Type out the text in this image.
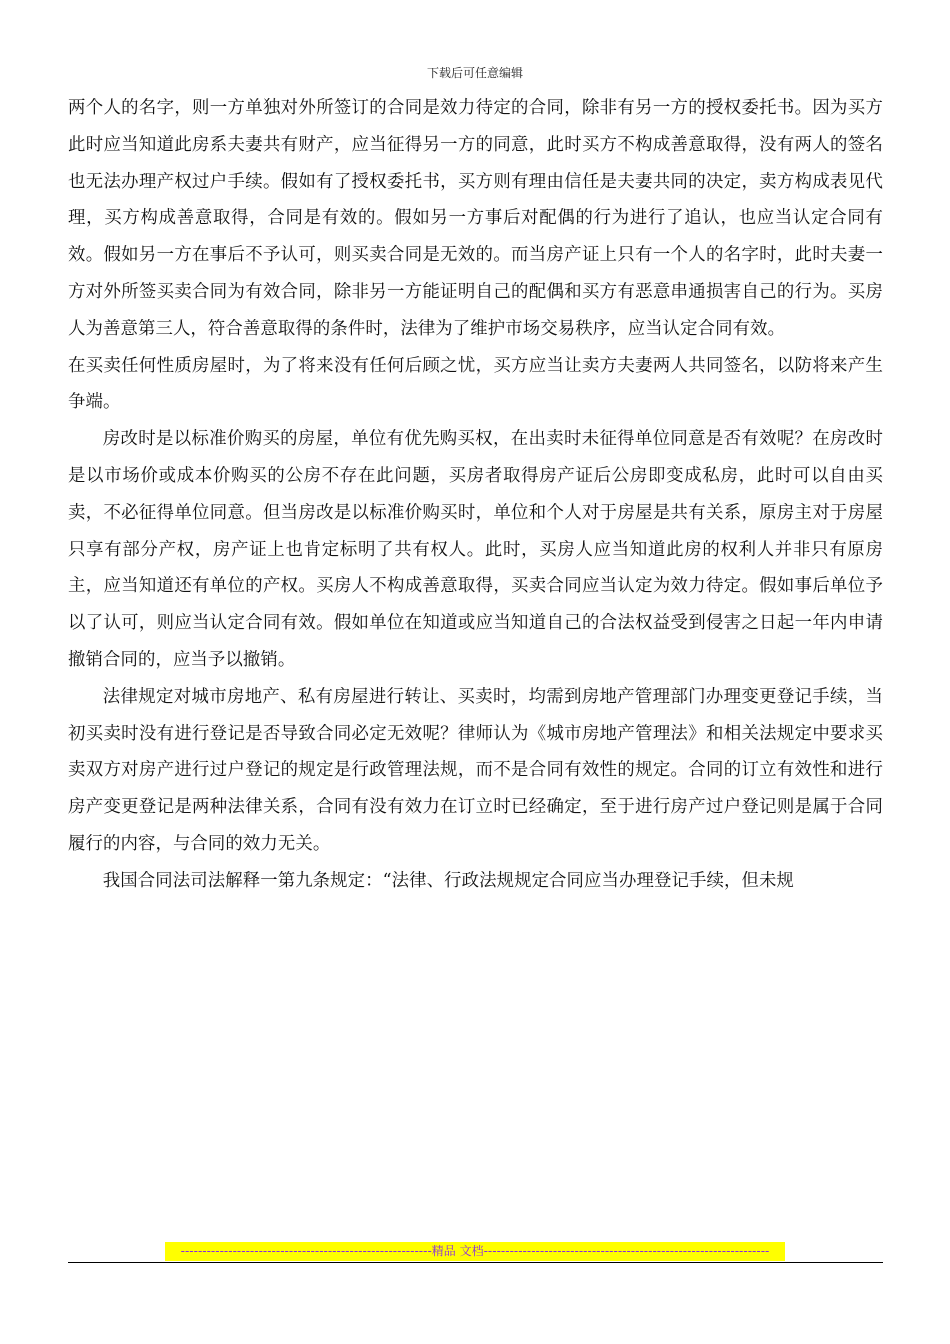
下载后可任意编辑

两个人的名字，则一方单独对外所签订的合同是效力待定的合同，除非有另一方的授权委托书。因为买方此时应当知道此房系夫妻共有财产，应当征得另一方的同意，此时买方不构成善意取得，没有两人的签名也无法办理产权过户手续。假如有了授权委托书，买方则有理由信任是夫妻共同的决定，卖方构成表见代理，买方构成善意取得，合同是有效的。假如另一方事后对配偶的行为进行了追认，也应当认定合同有效。假如另一方在事后不予认可，则买卖合同是无效的。而当房产证上只有一个人的名字时，此时夫妻一方对外所签买卖合同为有效合同，除非另一方能证明自己的配偶和买方有恶意串通损害自己的行为。买房人为善意第三人，符合善意取得的条件时，法律为了维护市场交易秩序，应当认定合同有效。

在买卖任何性质房屋时，为了将来没有任何后顾之忧，买方应当让卖方夫妻两人共同签名，以防将来产生争端。

房改时是以标准价购买的房屋，单位有优先购买权，在出卖时未征得单位同意是否有效呢？在房改时是以市场价或成本价购买的公房不存在此问题，买房者取得房产证后公房即变成私房，此时可以自由买卖，不必征得单位同意。但当房改是以标准价购买时，单位和个人对于房屋是共有关系，原房主对于房屋只享有部分产权，房产证上也肯定标明了共有权人。此时，买房人应当知道此房的权利人并非只有原房主，应当知道还有单位的产权。买房人不构成善意取得，买卖合同应当认定为效力待定。假如事后单位予以了认可，则应当认定合同有效。假如单位在知道或应当知道自己的合法权益受到侵害之日起一年内申请撤销合同的，应当予以撤销。

法律规定对城市房地产、私有房屋进行转让、买卖时，均需到房地产管理部门办理变更登记手续，当初买卖时没有进行登记是否导致合同必定无效呢？律师认为《城市房地产管理法》和相关法规定中要求买卖双方对房产进行过户登记的规定是行政管理法规，而不是合同有效性的规定。合同的订立有效性和进行房产变更登记是两种法律关系，合同有没有效力在订立时已经确定，至于进行房产过户登记则是属于合同履行的内容，与合同的效力无关。

我国合同法司法解释一第九条规定：“法律、行政法规规定合同应当办理登记手续，但未规

----------------------------------------------------------精品 文档------------------------------------------------------------------
